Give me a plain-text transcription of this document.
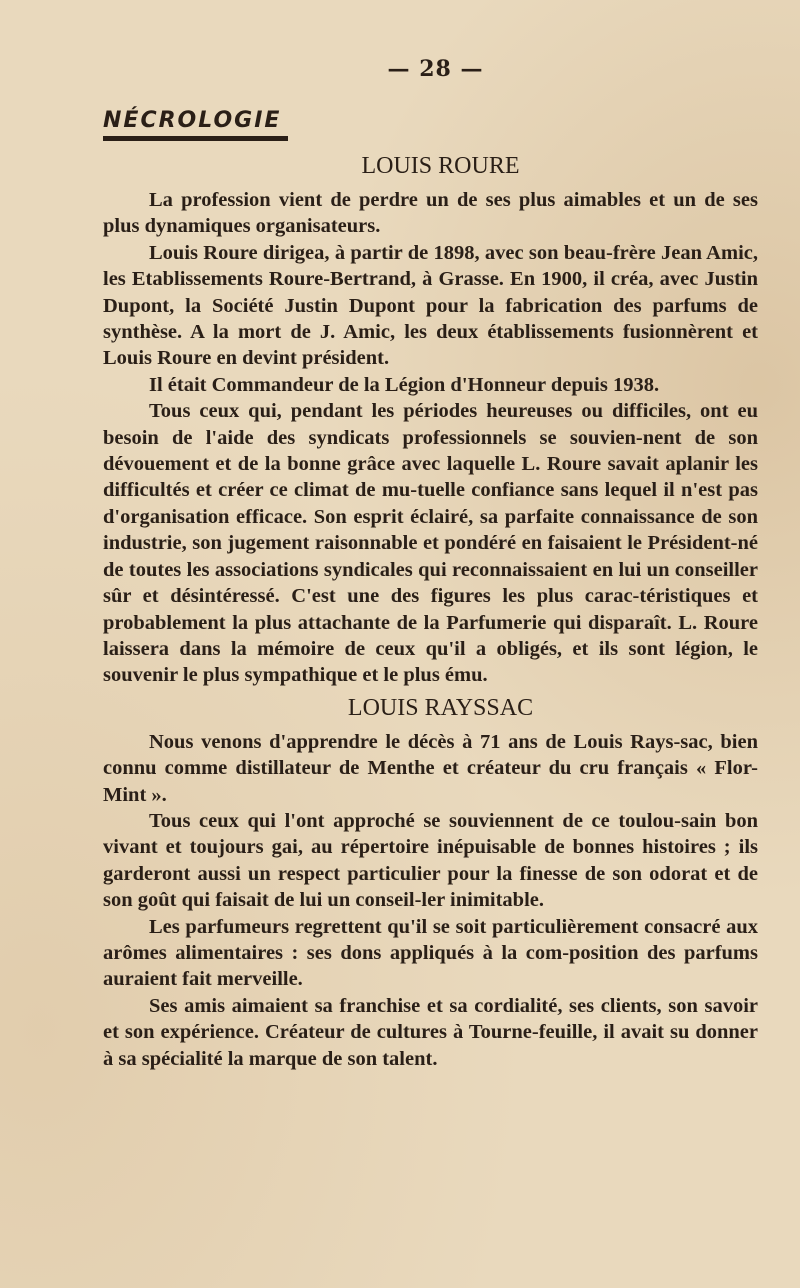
— 28 —
NÉCROLOGIE
LOUIS ROURE

La profession vient de perdre un de ses plus aimables et un de ses plus dynamiques organisateurs.

Louis Roure dirigea, à partir de 1898, avec son beau-frère Jean Amic, les Etablissements Roure-Bertrand, à Grasse. En 1900, il créa, avec Justin Dupont, la Société Justin Dupont pour la fabrication des parfums de synthèse. A la mort de J. Amic, les deux établissements fusionnèrent et Louis Roure en devint président.

Il était Commandeur de la Légion d'Honneur depuis 1938.

Tous ceux qui, pendant les périodes heureuses ou difficiles, ont eu besoin de l'aide des syndicats professionnels se souvien-nent de son dévouement et de la bonne grâce avec laquelle L. Roure savait aplanir les difficultés et créer ce climat de mu-tuelle confiance sans lequel il n'est pas d'organisation efficace. Son esprit éclairé, sa parfaite connaissance de son industrie, son jugement raisonnable et pondéré en faisaient le Président-né de toutes les associations syndicales qui reconnaissaient en lui un conseiller sûr et désintéressé. C'est une des figures les plus carac-téristiques et probablement la plus attachante de la Parfumerie qui disparaît. L. Roure laissera dans la mémoire de ceux qu'il a obligés, et ils sont légion, le souvenir le plus sympathique et le plus ému.

LOUIS RAYSSAC

Nous venons d'apprendre le décès à 71 ans de Louis Rays-sac, bien connu comme distillateur de Menthe et créateur du cru français « Flor-Mint ».

Tous ceux qui l'ont approché se souviennent de ce toulou-sain bon vivant et toujours gai, au répertoire inépuisable de bonnes histoires ; ils garderont aussi un respect particulier pour la finesse de son odorat et de son goût qui faisait de lui un conseil-ler inimitable.

Les parfumeurs regrettent qu'il se soit particulièrement consacré aux arômes alimentaires : ses dons appliqués à la com-position des parfums auraient fait merveille.

Ses amis aimaient sa franchise et sa cordialité, ses clients, son savoir et son expérience. Créateur de cultures à Tourne-feuille, il avait su donner à sa spécialité la marque de son talent.
